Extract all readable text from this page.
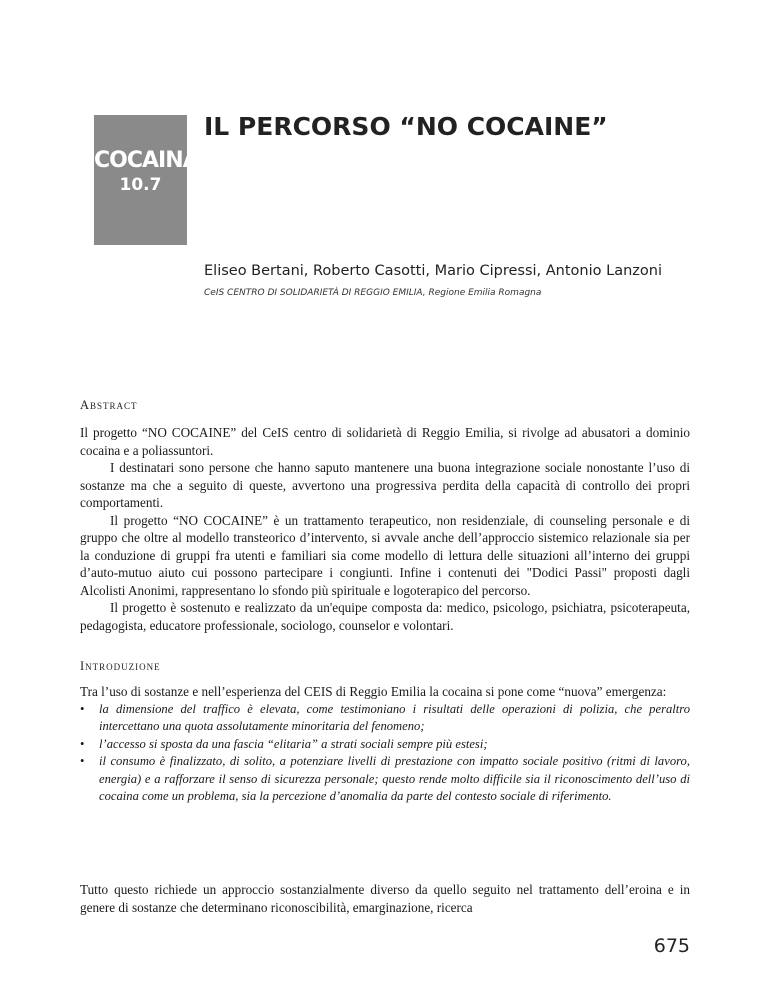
COCAINA
10.7
IL PERCORSO “NO COCAINE”
Eliseo Bertani, Roberto Casotti, Mario Cipressi, Antonio Lanzoni
CeIS CENTRO DI SOLIDARIETÀ DI REGGIO EMILIA, Regione Emilia Romagna
Abstract

Il progetto “NO COCAINE” del CeIS centro di solidarietà di Reggio Emilia, si rivolge ad abusatori a dominio cocaina e a poliassuntori.

I destinatari sono persone che hanno saputo mantenere una buona integrazione sociale nonostante l’uso di sostanze ma che a seguito di queste, avvertono una progressiva perdita della capacità di controllo dei propri comportamenti.

Il progetto “NO COCAINE” è un trattamento terapeutico, non residenziale, di counseling personale e di gruppo che oltre al modello transteorico d’intervento, si avvale anche dell’approccio sistemico relazionale sia per la conduzione di gruppi fra utenti e familiari sia come modello di lettura delle situazioni all’interno dei gruppi d’auto-mutuo aiuto cui possono partecipare i congiunti. Infine i contenuti dei "Dodici Passi" proposti dagli Alcolisti Anonimi, rappresentano lo sfondo più spirituale e logoterapico del percorso.

Il progetto è sostenuto e realizzato da un'equipe composta da: medico, psicologo, psichiatra, psicoterapeuta, pedagogista, educatore professionale, sociologo, counselor e volontari.

Introduzione

Tra l’uso di sostanze e nell’esperienza del CEIS di Reggio Emilia la cocaina si pone come “nuova” emergenza:

• la dimensione del traffico è elevata, come testimoniano i risultati delle operazioni di polizia, che peraltro intercettano una quota assolutamente minoritaria del fenomeno;
• l’accesso si sposta da una fascia “elitaria” a strati sociali sempre più estesi;
• il consumo è finalizzato, di solito, a potenziare livelli di prestazione con impatto sociale positivo (ritmi di lavoro, energia) e a rafforzare il senso di sicurezza personale; questo rende molto difficile sia il riconoscimento dell’uso di cocaina come un problema, sia la percezione d’anomalia da parte del contesto sociale di riferimento.

Tutto questo richiede un approccio sostanzialmente diverso da quello seguito nel trattamento dell’eroina e in genere di sostanze che determinano riconoscibilità, emarginazione, ricerca

675
